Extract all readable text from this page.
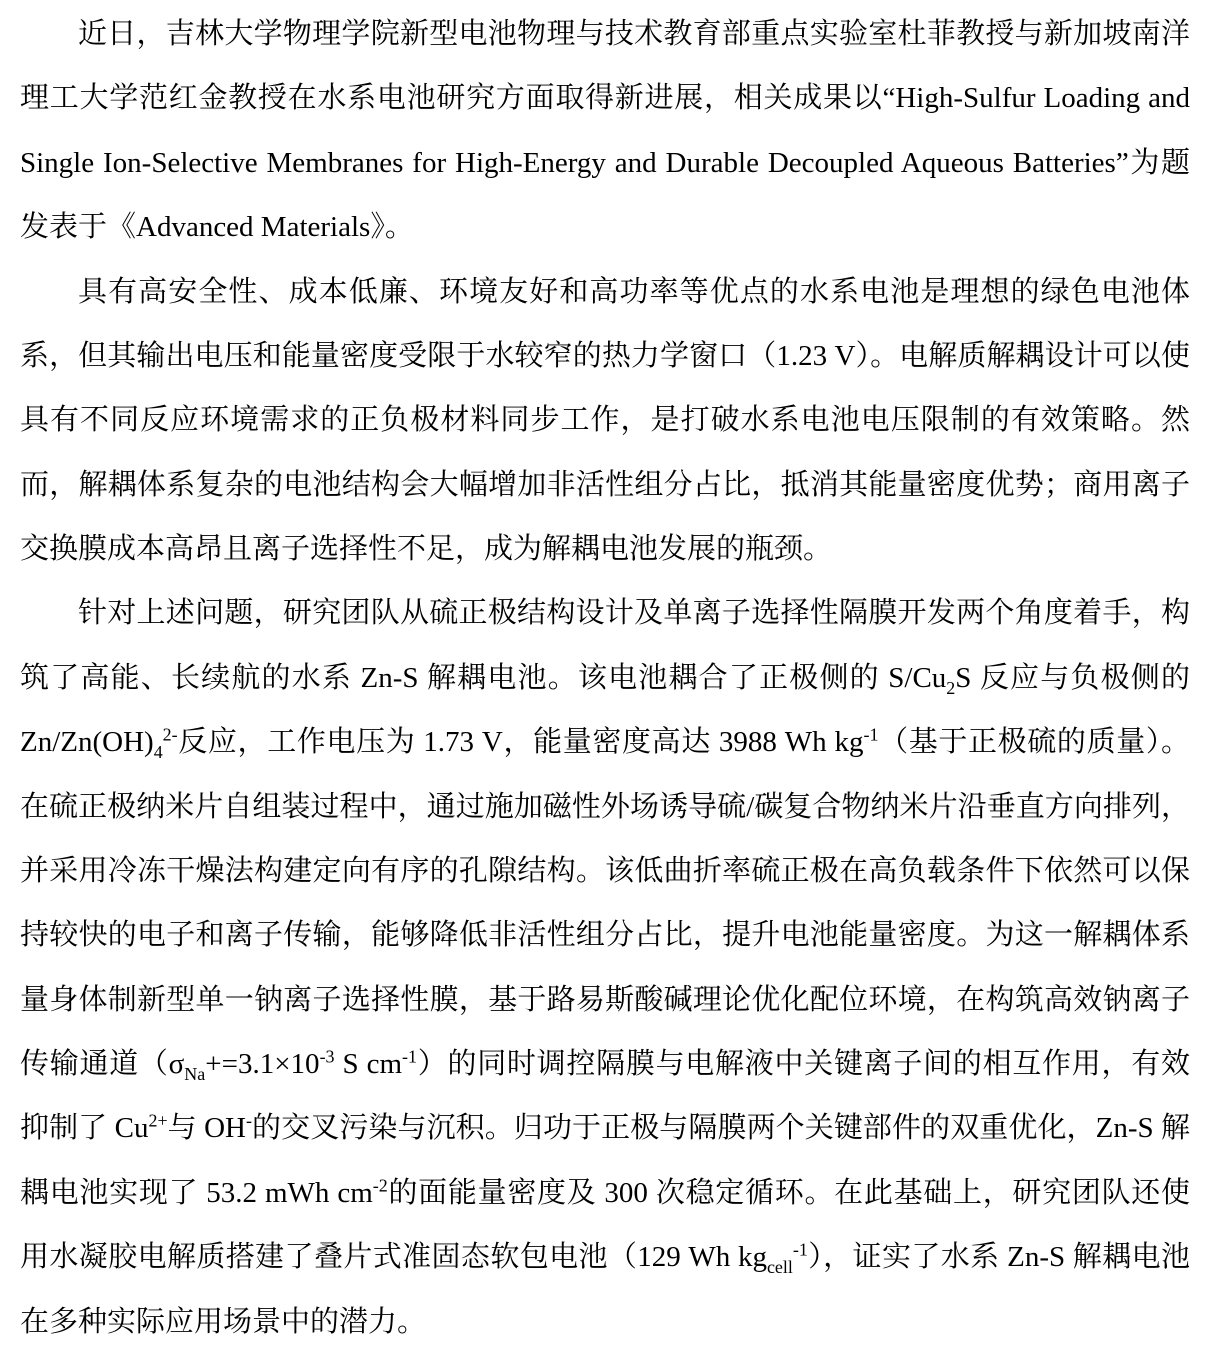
近日，吉林大学物理学院新型电池物理与技术教育部重点实验室杜菲教授与新加坡南洋理工大学范红金教授在水系电池研究方面取得新进展，相关成果以“High-Sulfur Loading and Single Ion-Selective Membranes for High-Energy and Durable Decoupled Aqueous Batteries”为题发表于《Advanced Materials》。

具有高安全性、成本低廉、环境友好和高功率等优点的水系电池是理想的绿色电池体系，但其输出电压和能量密度受限于水较窄的热力学窗口（1.23 V）。电解质解耦设计可以使具有不同反应环境需求的正负极材料同步工作，是打破水系电池电压限制的有效策略。然而，解耦体系复杂的电池结构会大幅增加非活性组分占比，抵消其能量密度优势；商用离子交换膜成本高昂且离子选择性不足，成为解耦电池发展的瓶颈。

针对上述问题，研究团队从硫正极结构设计及单离子选择性隔膜开发两个角度着手，构筑了高能、长续航的水系 Zn-S 解耦电池。该电池耦合了正极侧的 $S/Cu_2S$ 反应与负极侧的 $Zn/Zn(OH)_4^{2-}$反应，工作电压为 1.73 V，能量密度高达 3988 Wh $kg^{-1}$（基于正极硫的质量）。在硫正极纳米片自组装过程中，通过施加磁性外场诱导硫/碳复合物纳米片沿垂直方向排列，并采用冷冻干燥法构建定向有序的孔隙结构。该低曲折率硫正极在高负载条件下依然可以保持较快的电子和离子传输，能够降低非活性组分占比，提升电池能量密度。为这一解耦体系量身体制新型单一钠离子选择性膜，基于路易斯酸碱理论优化配位环境，在构筑高效钠离子传输通道（$\sigma_{Na}+=3.1\times 10^{-3}$ S $cm^{-1}$）的同时调控隔膜与电解液中关键离子间的相互作用，有效抑制了 $Cu^{2+}$与 OH-的交叉污染与沉积。归功于正极与隔膜两个关键部件的双重优化，Zn-S 解耦电池实现了 53.2 mWh $cm^{-2}$的面能量密度及 300 次稳定循环。在此基础上，研究团队还使用水凝胶电解质搭建了叠片式准固态软包电池（129 Wh $kg_{cell}^{-1}$），证实了水系 Zn-S 解耦电池在多种实际应用场景中的潜力。
